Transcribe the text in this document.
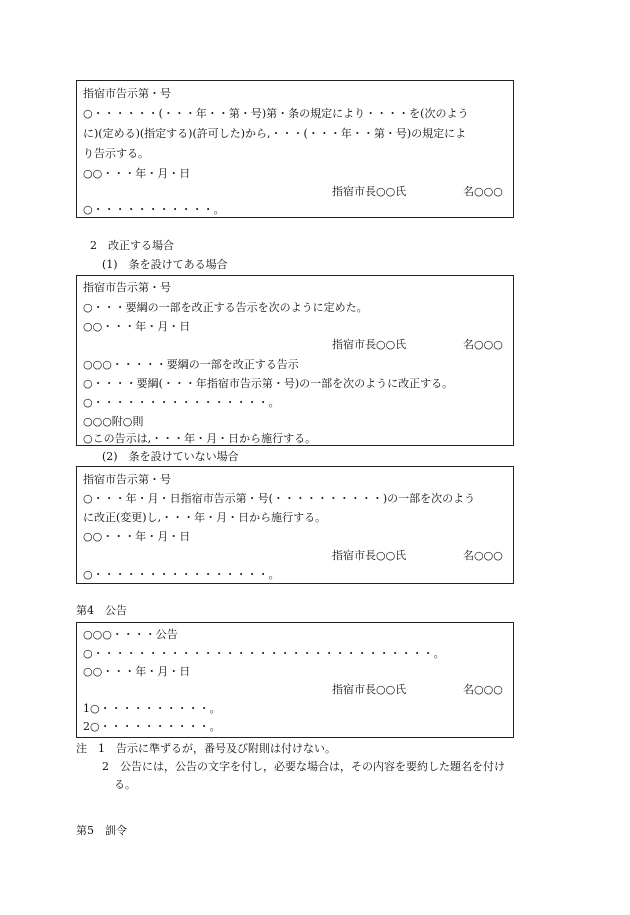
指宿市告示第・号
○・・・・・・(・・・年・・第・号)第・条の規定により・・・・を(次のよう
に)(定める)(指定する)(許可した)から,・・・(・・・年・・第・号)の規定によ
り告示する。
○○・・・年・月・日
指宿市長○○氏	名○○○
○・・・・・・・・・・・。
2　改正する場合
(1)　条を設けてある場合
指宿市告示第・号
○・・・要綱の一部を改正する告示を次のように定めた。
○○・・・年・月・日
指宿市長○○氏	名○○○
○○○・・・・・要綱の一部を改正する告示
○・・・・要綱(・・・年指宿市告示第・号)の一部を次のように改正する。
○・・・・・・・・・・・・・・・・。
○○○附○則
○この告示は,・・・年・月・日から施行する。
(2)　条を設けていない場合
指宿市告示第・号
○・・・年・月・日指宿市告示第・号(・・・・・・・・・・)の一部を次のよう
に改正(変更)し,・・・年・月・日から施行する。
○○・・・年・月・日
指宿市長○○氏	名○○○
○・・・・・・・・・・・・・・・・。
第4　公告
○○○・・・・公告
○・・・・・・・・・・・・・・・・・・・・・・・・・・・・・・・。
○○・・・年・月・日
指宿市長○○氏	名○○○
1○・・・・・・・・・・。
2○・・・・・・・・・・。
注　1　告示に準ずるが，番号及び附則は付けない。
2　公告には，公告の文字を付し，必要な場合は，その内容を要約した題名を付け
る。
第5　訓令
